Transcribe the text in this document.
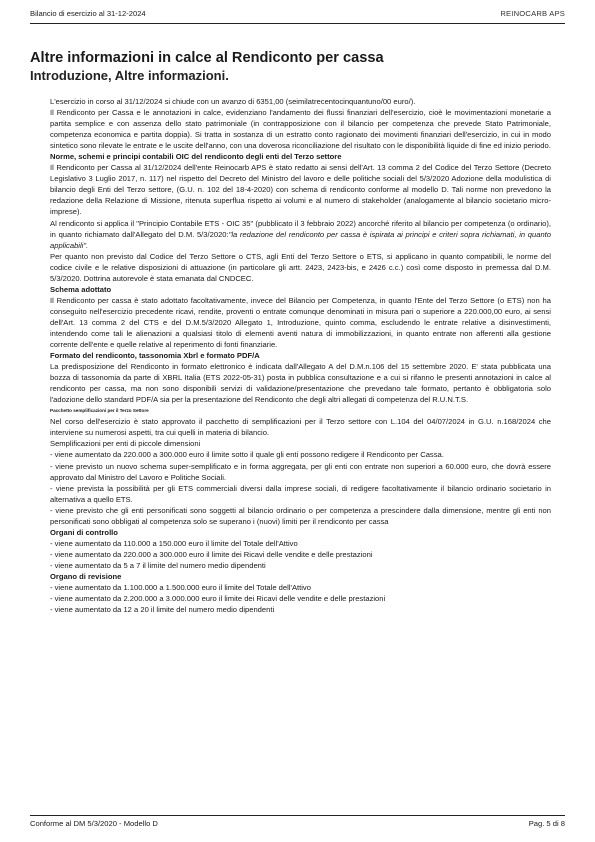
Bilancio di esercizio al 31-12-2024	REINOCARB APS
Altre informazioni in calce al Rendiconto per cassa
Introduzione, Altre informazioni.

L'esercizio in corso al 31/12/2024 si chiude con un avanzo di 6351,00 (seimilatrecentocinquantuno/00 euro/).

Il Rendiconto per Cassa e le annotazioni in calce, evidenziano l'andamento dei flussi finanziari dell'esercizio, cioè le movimentazioni monetarie a partita semplice e con assenza dello stato patrimoniale (in contrapposizione con il bilancio per competenza che prevede Stato Patrimoniale, competenza economica e partita doppia). Si tratta in sostanza di un estratto conto ragionato dei movimenti finanziari dell'esercizio, in cui in modo sintetico sono rilevate le entrate e le uscite dell'anno, con una doverosa riconciliazione del risultato con le disponibilità liquide di fine ed inizio periodo.

Norme, schemi e principi contabili OIC del rendiconto degli enti del Terzo settore

Il Rendiconto per Cassa al 31/12/2024 dell'ente Reinocarb APS è stato redatto ai sensi dell'Art. 13 comma 2 del Codice del Terzo Settore (Decreto Legislativo 3 Luglio 2017, n. 117) nel rispetto del Decreto del Ministro del lavoro e delle politiche sociali del 5/3/2020 Adozione della modulistica di bilancio degli Enti del Terzo settore, (G.U. n. 102 del 18-4-2020) con schema di rendiconto conforme al modello D. Tali norme non prevedono la redazione della Relazione di Missione, ritenuta superflua rispetto ai volumi e al numero di stakeholder (analogamente al bilancio societario micro-imprese).

Al rendiconto si applica il "Principio Contabile ETS - OIC 35" (pubblicato il 3 febbraio 2022) ancorché riferito al bilancio per competenza (o ordinario), in quanto richiamato dall'Allegato del D.M. 5/3/2020:"la redazione del rendiconto per cassa è ispirata ai principi e criteri sopra richiamati, in quanto applicabili".

Per quanto non previsto dal Codice del Terzo Settore o CTS, agli Enti del Terzo Settore o ETS, si applicano in quanto compatibili, le norme del codice civile e le relative disposizioni di attuazione (in particolare gli artt. 2423, 2423-bis, e 2426 c.c.) così come disposto in premessa dal D.M. 5/3/2020. Dottrina autorevole è stata emanata dal CNDCEC.

Schema adottato

Il Rendiconto per cassa è stato adottato facoltativamente, invece del Bilancio per Competenza, in quanto l'Ente del Terzo Settore (o ETS) non ha conseguito nell'esercizio precedente ricavi, rendite, proventi o entrate comunque denominati in misura pari o superiore a 220.000,00 euro, ai sensi dell'Art. 13 comma 2 del CTS e del D.M.5/3/2020 Allegato 1, Introduzione, quinto comma, escludendo le entrate relative a disinvestimenti, intendendo come tali le alienazioni a qualsiasi titolo di elementi aventi natura di immobilizzazioni, in quanto entrate non afferenti alla gestione corrente dell'ente e quelle relative al reperimento di fonti finanziarie.

Formato del rendiconto, tassonomia Xbrl e formato PDF/A

La predisposizione del Rendiconto in formato elettronico è indicata dall'Allegato A del D.M.n.106 del 15 settembre 2020. E' stata pubblicata una bozza di tassonomia da parte di XBRL Italia (ETS 2022-05-31) posta in pubblica consultazione e a cui si rifanno le presenti annotazioni in calce al rendiconto per cassa, ma non sono disponibili servizi di validazione/presentazione che prevedano tale formato, pertanto è obbligatoria solo l'adozione dello standard PDF/A sia per la presentazione del Rendiconto che degli altri allegati di competenza del R.U.N.T.S.

Pacchetto semplificazioni per il Terzo Settore

Nel corso dell'esercizio è stato approvato il pacchetto di semplificazioni per il Terzo settore con L.104 del 04/07/2024 in G.U. n.168/2024 che interviene su numerosi aspetti, tra cui quelli in materia di bilancio.

Semplificazioni per enti di piccole dimensioni

- viene aumentato da 220.000 a 300.000 euro il limite sotto il quale gli enti possono redigere il Rendiconto per Cassa.
- viene previsto un nuovo schema super-semplificato e in forma aggregata, per gli enti con entrate non superiori a 60.000 euro, che dovrà essere approvato dal Ministro del Lavoro e Politiche Sociali.
- viene prevista la possibilità per gli ETS commerciali diversi dalla imprese sociali, di redigere facoltativamente il bilancio ordinario societario in alternativa a quello ETS.
- viene previsto che gli enti personificati sono soggetti al bilancio ordinario o per competenza a prescindere dalla dimensione, mentre gli enti non personificati sono obbligati al competenza solo se superano i (nuovi) limiti per il rendiconto per cassa

Organi di controllo

- viene aumentato da 110.000 a 150.000 euro il limite del Totale dell'Attivo
- viene aumentato da 220.000 a 300.000 euro il limite dei Ricavi delle vendite e delle prestazioni
- viene aumentato da 5 a 7 il limite del numero medio dipendenti

Organo di revisione

- viene aumentato da 1.100.000 a 1.500.000 euro il limite del Totale dell'Attivo
- viene aumentato da 2.200.000 a 3.000.000 euro il limite dei Ricavi delle vendite e delle prestazioni
- viene aumentato da 12 a 20 il limite del numero medio dipendenti
Conforme al DM 5/3/2020 - Modello D	Pag. 5 di 8
